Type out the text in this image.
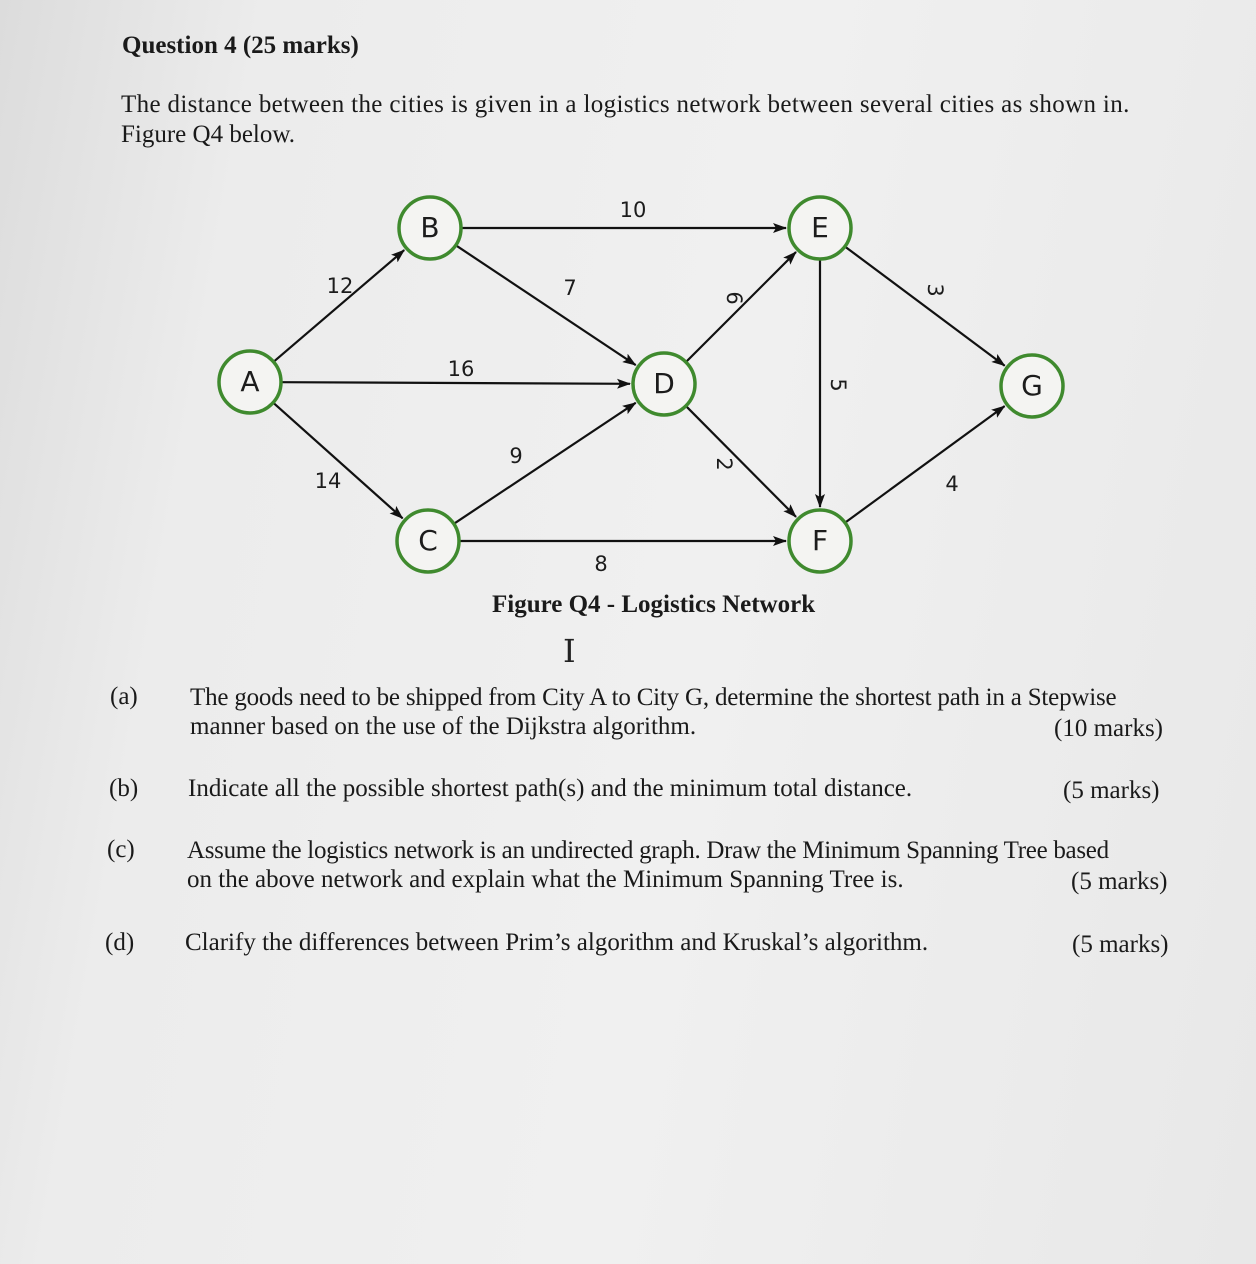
Question 4 (25 marks)
The distance between the cities is given in a logistics network between several cities as shown in.
Figure Q4 below.
12
16
14
10
7
9
8
6
2
5
3
4
A
B
C
D
E
F
G
Figure Q4 - Logistics Network
I
(a) The goods need to be shipped from City A to City G, determine the shortest path in a Stepwise
manner based on the use of the Dijkstra algorithm.	(10 marks)
(b) Indicate all the possible shortest path(s) and the minimum total distance.	(5 marks)
(c) Assume the logistics network is an undirected graph. Draw the Minimum Spanning Tree based
on the above network and explain what the Minimum Spanning Tree is.	(5 marks)
(d) Clarify the differences between Prim’s algorithm and Kruskal’s algorithm.	(5 marks)
